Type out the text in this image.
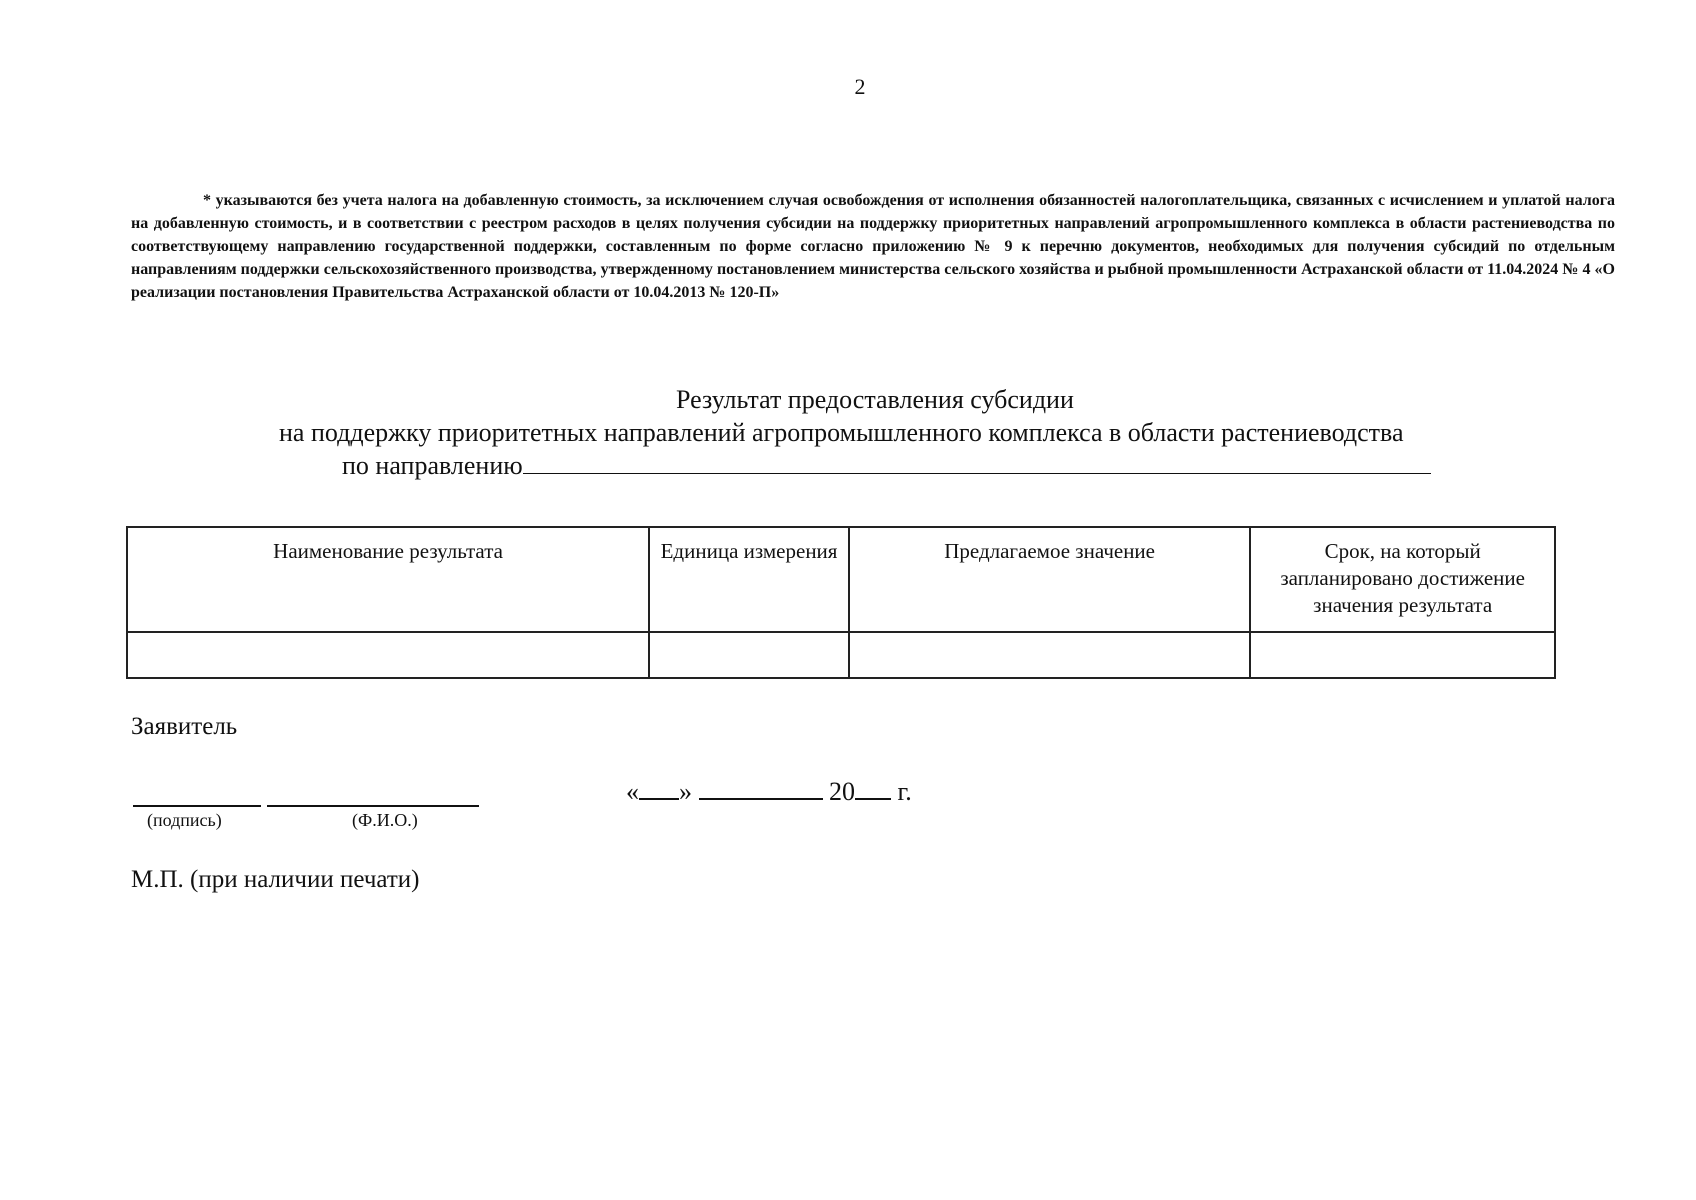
2
* указываются без учета налога на добавленную стоимость, за исключением случая освобождения от исполнения обязанностей налогоплательщика, связанных с исчислением и уплатой налога на добавленную стоимость, и в соответствии с реестром расходов в целях получения субсидии на поддержку приоритетных направлений агропромышленного комплекса в области растениеводства по соответствующему направлению государственной поддержки, составленным по форме согласно приложению № 9 к перечню документов, необходимых для получения субсидий по отдельным направлениям поддержки сельскохозяйственного производства, утвержденному постановлением министерства сельского хозяйства и рыбной промышленности Астраханской области от 11.04.2024 № 4 «О реализации постановления Правительства Астраханской области от 10.04.2013 № 120-П»
Результат предоставления субсидии
на поддержку приоритетных направлений агропромышленного комплекса в области растениеводства
по направлению
Наименование результата	Единица измерения	Предлагаемое значение	Срок, на который запланировано достижение значения результата

Заявитель
(подпись)	(Ф.И.О.)
« »	20 г.
М.П. (при наличии печати)
